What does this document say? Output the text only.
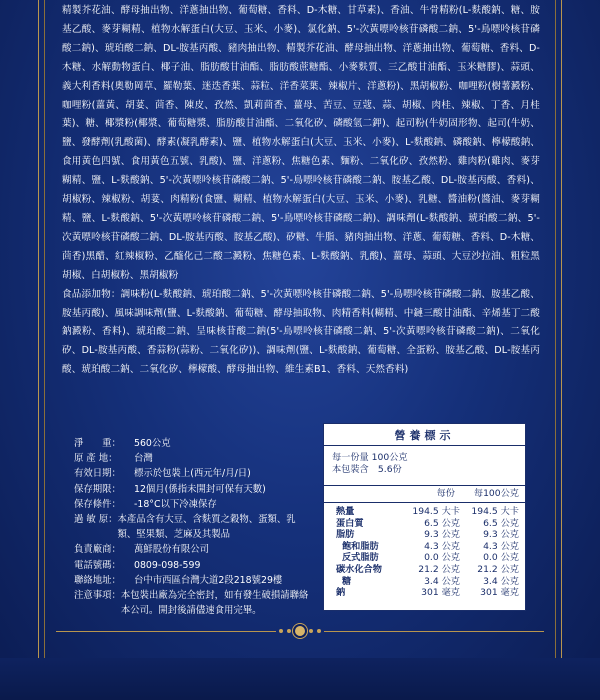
精製芥花油、酵母抽出物、洋蔥抽出物、葡萄糖、香料、D-木糖、甘草素)、香油、牛骨精粉(L-麩酸鈉、糖、胺基乙酸、麥芽糊精、植物水解蛋白(大豆、玉米、小麥)、氯化鈉、5'-次黃嘌呤核苷磷酸二鈉、5'-鳥嘌呤核苷磷酸二鈉)、琥珀酸二鈉、DL-胺基丙酸、豬肉抽出物、精製芥花油、酵母抽出物、洋蔥抽出物、葡萄糖、香料、D-木糖、水解動物蛋白、椰子油、脂肪酸甘油酯、脂肪酸蔗糖酯、小麥麩質、三乙酸甘油酯、玉米糖膠)、蒜頭、義大利香料(奧勒岡草、羅勒葉、迷迭香葉、蒜粒、洋香菜葉、辣椒片、洋蔥粉)、黑胡椒粉、咖哩粉(樹薯澱粉、咖哩粉(薑黃、胡荽、茴香、陳皮、孜然、凱莉茴香、薑母、苦豆、豆蔻、蒜、胡椒、肉桂、辣椒、丁香、月桂葉)、糖、椰漿粉(椰漿、葡萄糖漿、脂肪酸甘油酯、二氧化矽、磷酸氫二鉀)、起司粉(牛奶固形物、起司(牛奶、鹽、發酵劑(乳酸菌)、酵素(凝乳酵素)、鹽、植物水解蛋白(大豆、玉米、小麥)、L-麩酸鈉、磷酸鈉、檸檬酸鈉、食用黃色四號、食用黃色五號、乳酸)、鹽、洋蔥粉、焦糖色素、麵粉、二氧化矽、孜然粉、雞肉粉(雞肉、麥芽糊精、鹽、L-麩酸鈉、5'-次黃嘌呤核苷磷酸二鈉、5'-鳥嘌呤核苷磷酸二鈉、胺基乙酸、DL-胺基丙酸、香料)、胡椒粉、辣椒粉、胡荽、肉精粉(食鹽、糊精、植物水解蛋白(大豆、玉米、小麥)、乳糖、醬油粉(醬油、麥芽糊精、鹽、L-麩酸鈉、5'-次黃嘌呤核苷磷酸二鈉、5'-鳥嘌呤核苷磷酸二鈉)、調味劑(L-麩酸鈉、琥珀酸二鈉、5'-次黃嘌呤核苷磷酸二鈉、DL-胺基丙酸、胺基乙酸)、矽糖、牛脂、豬肉抽出物、洋蔥、葡萄糖、香料、D-木糖、茴香)黑醋、紅辣椒粉、乙醯化己二酸二澱粉、焦糖色素、L-麩酸鈉、乳酸)、薑母、蒜頭、大豆沙拉油、粗粒黑胡椒、白胡椒粉、黑胡椒粉

食品添加物：調味粉(L-麩酸鈉、琥珀酸二鈉、5'-次黃嘌呤核苷磷酸二鈉、5'-鳥嘌呤核苷磷酸二鈉、胺基乙酸、胺基丙酸)、風味調味劑(鹽、L-麩酸鈉、葡萄糖、酵母抽取物、肉精香料(糊精、中鏈三酸甘油酯、辛烯基丁二酸鈉澱粉、香料)、琥珀酸二鈉、呈味核苷酸二鈉(5'-鳥嘌呤核苷磷酸二鈉、5'-次黃嘌呤核苷磷酸二鈉)、二氧化矽、DL-胺基丙酸、香蒜粉(蒜粉、二氧化矽))、調味劑(鹽、L-麩酸鈉、葡萄糖、全蛋粉、胺基乙酸、DL-胺基丙酸、琥珀酸二鈉、二氧化矽、檸檬酸、酵母抽出物、維生素B1、香料、天然香料)

淨　　重：	560公克
原 產 地：	台灣
有效日期：	標示於包裝上(西元年/月/日)
保存期限：	12個月(係指未開封可保有天數)
保存條件：	-18°C以下冷凍保存
過 敏 原： 本產品含有大豆、含麩質之穀物、蛋類、乳類、堅果類、芝麻及其製品
負責廠商：	萬鮮股份有限公司
電話號碼：	0809-098-599
聯絡地址：	台中市西區台灣大道2段218號29樓
注意事項： 本包裝出廠為完全密封，如有發生破損請聯絡本公司。開封後請儘速食用完畢。
營養標示
每一份量 100公克
本包裝含　5.6份
每份	每100公克
熱量	194.5 大卡	194.5 大卡
蛋白質	6.5 公克	6.5 公克
脂肪	9.3 公克	9.3 公克
飽和脂肪	4.3 公克	4.3 公克
反式脂肪	0.0 公克	0.0 公克
碳水化合物	21.2 公克	21.2 公克
糖	3.4 公克	3.4 公克
鈉	301 毫克	301 毫克
